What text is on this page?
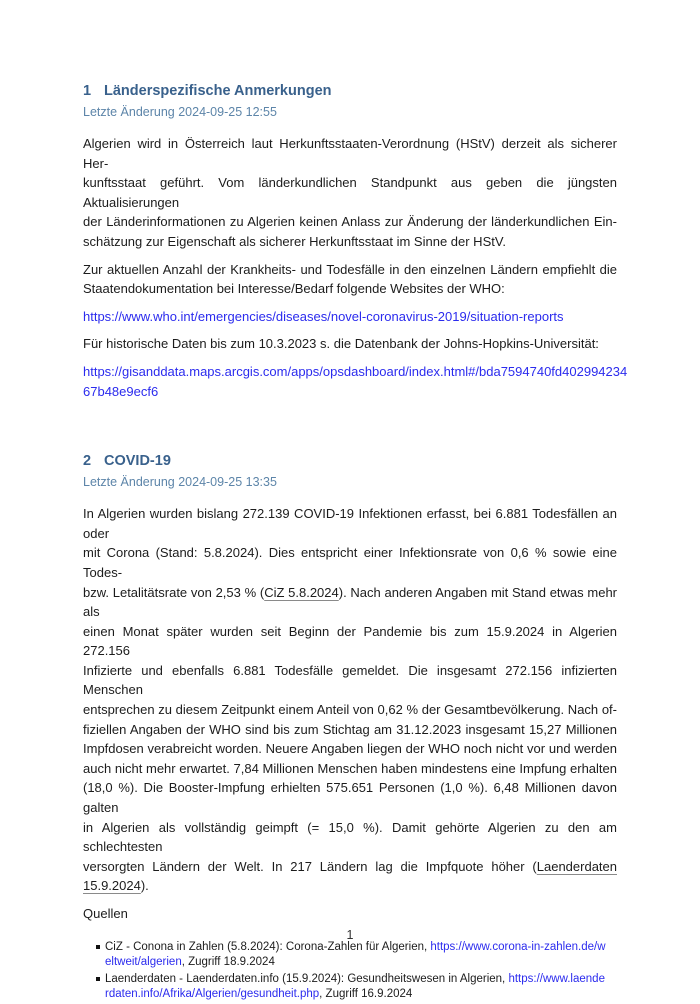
1 Länderspezifische Anmerkungen
Letzte Änderung 2024-09-25 12:55
Algerien wird in Österreich laut Herkunftsstaaten-Verordnung (HStV) derzeit als sicherer Her-
kunftsstaat geführt. Vom länderkundlichen Standpunkt aus geben die jüngsten Aktualisierungen
der Länderinformationen zu Algerien keinen Anlass zur Änderung der länderkundlichen Ein-
schätzung zur Eigenschaft als sicherer Herkunftsstaat im Sinne der HStV.
Zur aktuellen Anzahl der Krankheits- und Todesfälle in den einzelnen Ländern empfiehlt die
Staatendokumentation bei Interesse/Bedarf folgende Websites der WHO:
https://www.who.int/emergencies/diseases/novel-coronavirus-2019/situation-reports
Für historische Daten bis zum 10.3.2023 s. die Datenbank der Johns-Hopkins-Universität:
https://gisanddata.maps.arcgis.com/apps/opsdashboard/index.html#/bda7594740fd402994234
67b48e9ecf6
2 COVID-19
Letzte Änderung 2024-09-25 13:35
In Algerien wurden bislang 272.139 COVID-19 Infektionen erfasst, bei 6.881 Todesfällen an oder
mit Corona (Stand: 5.8.2024). Dies entspricht einer Infektionsrate von 0,6 % sowie eine Todes-
bzw. Letalitätsrate von 2,53 % (CiZ 5.8.2024). Nach anderen Angaben mit Stand etwas mehr als
einen Monat später wurden seit Beginn der Pandemie bis zum 15.9.2024 in Algerien 272.156
Infizierte und ebenfalls 6.881 Todesfälle gemeldet. Die insgesamt 272.156 infizierten Menschen
entsprechen zu diesem Zeitpunkt einem Anteil von 0,62 % der Gesamtbevölkerung. Nach of-
fiziellen Angaben der WHO sind bis zum Stichtag am 31.12.2023 insgesamt 15,27 Millionen
Impfdosen verabreicht worden. Neuere Angaben liegen der WHO noch nicht vor und werden
auch nicht mehr erwartet. 7,84 Millionen Menschen haben mindestens eine Impfung erhalten
(18,0 %). Die Booster-Impfung erhielten 575.651 Personen (1,0 %). 6,48 Millionen davon galten
in Algerien als vollständig geimpft (= 15,0 %). Damit gehörte Algerien zu den am schlechtesten
versorgten Ländern der Welt. In 217 Ländern lag die Impfquote höher (Laenderdaten 15.9.2024).
Quellen
CiZ - Conona in Zahlen (5.8.2024): Corona-Zahlen für Algerien, https://www.corona-in-zahlen.de/w
eltweit/algerien, Zugriff 18.9.2024
Laenderdaten - Laenderdaten.info (15.9.2024): Gesundheitswesen in Algerien, https://www.laende
rdaten.info/Afrika/Algerien/gesundheit.php, Zugriff 16.9.2024
1
